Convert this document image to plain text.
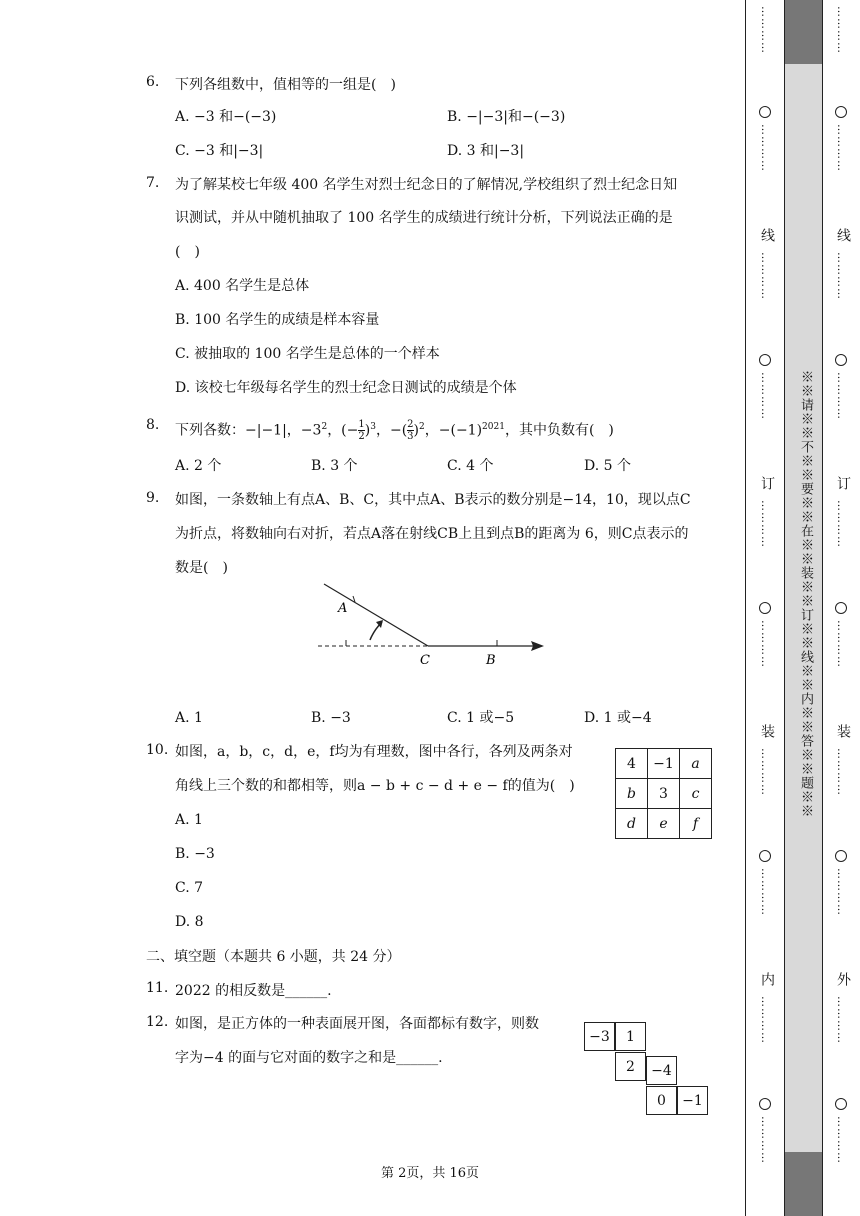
6.	下列各组数中，值相等的一组是(　)
A. −3 和−(−3)	B. −|−3|和−(−3)
C. −3 和|−3|	D. 3 和|−3|
7.	为了解某校七年级 400 名学生对烈士纪念日的了解情况,学校组织了烈士纪念日知
识测试，并从中随机抽取了 100 名学生的成绩进行统计分析，下列说法正确的是
(　)
A. 400 名学生是总体
B. 100 名学生的成绩是样本容量
C. 被抽取的 100 名学生是总体的一个样本
D. 该校七年级每名学生的烈士纪念日测试的成绩是个体
8.	下列各数：−|−1|，$-3^2$，(− $\frac{1}{2} )^3$，−( $\frac{2}{3} )^2$，$-(-1)^{2021}$，其中负数有(　)
A. 2 个	B. 3 个	C. 4 个	D. 5 个
9.	如图，一条数轴上有点A、B、C，其中点A、B表示的数分别是−14，10，现以点C
为折点，将数轴向右对折，若点A落在射线CB上且到点B的距离为 6，则C点表示的
数是(　)
A
C	B
A. 1	B. −3	C. 1 或−5	D. 1 或−4
10. 如图，a，b，c，d，e，f均为有理数，图中各行，各列及两条对
角线上三个数的和都相等，则a − b + c − d + e − f的值为(　)
A. 1
B. −3
C. 7
D. 8
4	−1	a
b	3	c
d	e	f
二、填空题（本题共 6 小题，共 24 分）
11. 2022 的相反数是______.
12. 如图，是正方体的一种表面展开图，各面都标有数字，则数
字为−4 的面与它对面的数字之和是______.
−3	1
2	−4
0	−1
第 2页，共 16页
※※请※※不※※要※※在※※装※※订※※线※※内※※答※※题※※
…………
…………
线
…………
…………
订
…………
…………
装
…………
…………
内
…………
…………
…………
…………
线
…………
…………
订
…………
…………
装
…………
…………
外
…………
…………
